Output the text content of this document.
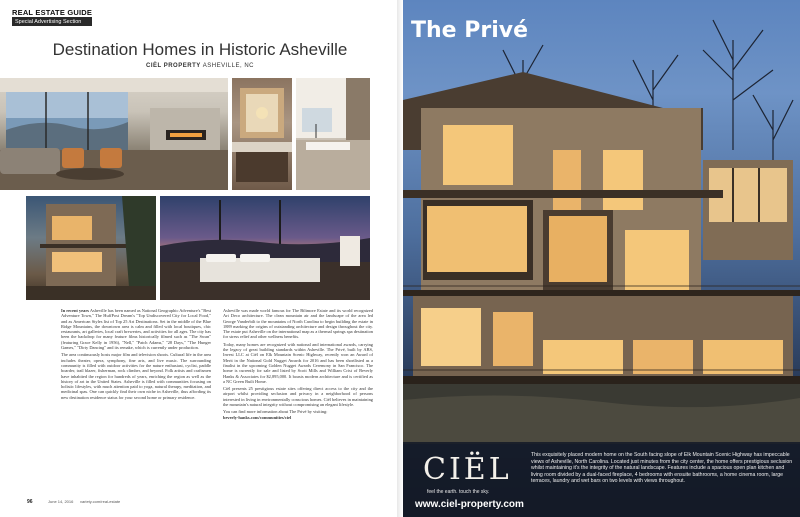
REAL ESTATE GUIDE
Special Advertising Section
Destination Homes in Historic Asheville
CIËL PROPERTY ASHEVILLE, NC

In recent years Asheville has been named as National Geographic Adventure's "Best Adventure Town," The HuffPost Dream's "Top Undiscovered City for Local Food," and as American Styles list of Top 25 Art Destinations. Set in the middle of the Blue Ridge Mountains, the downtown area is calm and filled with local boutiques, chic restaurants, art galleries, local craft breweries, and activities for all ages. The city has been the backdrop for many feature films historically filmed such as "The Swan" (featuring Grace Kelly in 1956), "Nell," "Patch Adams," "28 Days," "The Hunger Games," "Dirty Dancing" and its remake, which is currently under production.

The area continuously hosts major film and television shoots. Cultural life in the area includes theater, opera, symphony, fine arts, and live music. The surrounding community is filled with outdoor activities for the nature enthusiast, cyclist, paddle boarder, trail blazer, fisherman, rock climber, and beyond. Folk artists and craftsmen have inhabited the region for hundreds of years, enriching the region as well as the history of art in the United States. Asheville is filled with communities focusing on holistic lifestyles, with much attention paid to yoga, natural therapy, meditation, and medicinal spas. One can quickly find their own niche in Asheville, thus affording its new destination residence status for your second home or primary residence.

Asheville was made world famous for The Biltmore Estate and its world recognized Art Deco architecture. The clean mountain air and the landscape of the area led George Vanderbilt to the mountains of North Carolina to begin building the estate in 1889 marking the origins of outstanding architecture and design throughout the city. The estate put Asheville on the international map as a thermal springs spa destination for stress relief and other wellness benefits.

Today, many homes are recognized with national and international awards, carrying the legacy of great building standards within Asheville. The Privé, built by ABS, Invest LLC at Ciël on Elk Mountain Scenic Highway, recently won an Award of Merit in the National Gold Nugget Awards for 2016 and has been shortlisted as a finalist in the upcoming Golden Nugget Awards Ceremony in San Francisco. The home is currently for sale and listed by Scott Mills and William Crist of Beverly Hanks & Associates for $2,895,000. It boasts modern architecture and is certified as a NC Green Built Home.

Ciël presents 25 prestigious estate sites offering direct access to the city and the airport whilst providing seclusion and privacy in a neighborhood of persons interested in living in environmentally conscious homes. Ciël believes in maintaining the mountain's natural integrity without compromising an elegant lifestyle.

You can find more information about The Privé by visiting:
beverly-hanks.com/communities/ciel

96	June 14, 2016 variety.com/real-estate
The Privé
CIËL
feel the earth. touch the sky.
www.ciel-property.com
This exquisitely placed modern home on the South facing slope of Elk Mountain Scenic Highway has impeccable views of Asheville, North Carolina. Located just minutes from the city center, the home offers prestigious seclusion whilst maintaining it's the integrity of the natural landscape. Features include a spacious open plan kitchen and living room divided by a dual-faced fireplace, 4 bedrooms with ensuite bathrooms, a home cinema room, large terraces, laundry and wet bars on two levels with views throughout.
